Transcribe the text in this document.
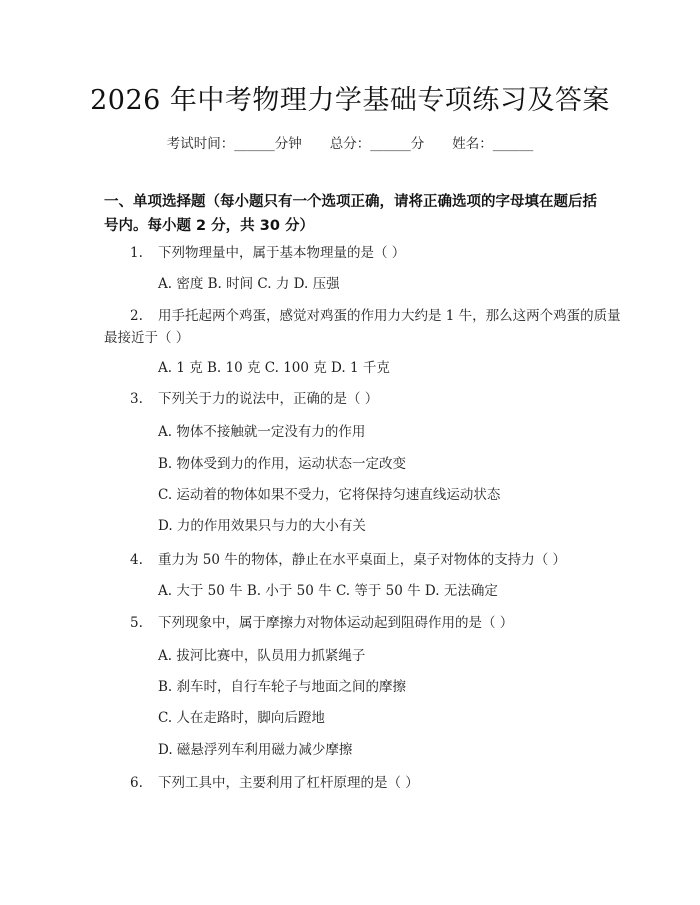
2026 年中考物理力学基础专项练习及答案
考试时间：______分钟 总分：______分 姓名：______
一、单项选择题（每小题只有一个选项正确，请将正确选项的字母填在题后括号内。每小题 2 分，共 30 分）
1. 下列物理量中，属于基本物理量的是（ ）
A. 密度 B. 时间 C. 力 D. 压强
2. 用手托起两个鸡蛋，感觉对鸡蛋的作用力大约是 1 牛，那么这两个鸡蛋的质量最接近于（ ）
A. 1 克 B. 10 克 C. 100 克 D. 1 千克
3. 下列关于力的说法中，正确的是（ ）
A. 物体不接触就一定没有力的作用
B. 物体受到力的作用，运动状态一定改变
C. 运动着的物体如果不受力，它将保持匀速直线运动状态
D. 力的作用效果只与力的大小有关
4. 重力为 50 牛的物体，静止在水平桌面上，桌子对物体的支持力（ ）
A. 大于 50 牛 B. 小于 50 牛 C. 等于 50 牛 D. 无法确定
5. 下列现象中，属于摩擦力对物体运动起到阻碍作用的是（ ）
A. 拔河比赛中，队员用力抓紧绳子
B. 刹车时，自行车轮子与地面之间的摩擦
C. 人在走路时，脚向后蹬地
D. 磁悬浮列车利用磁力减少摩擦
6. 下列工具中，主要利用了杠杆原理的是（ ）
